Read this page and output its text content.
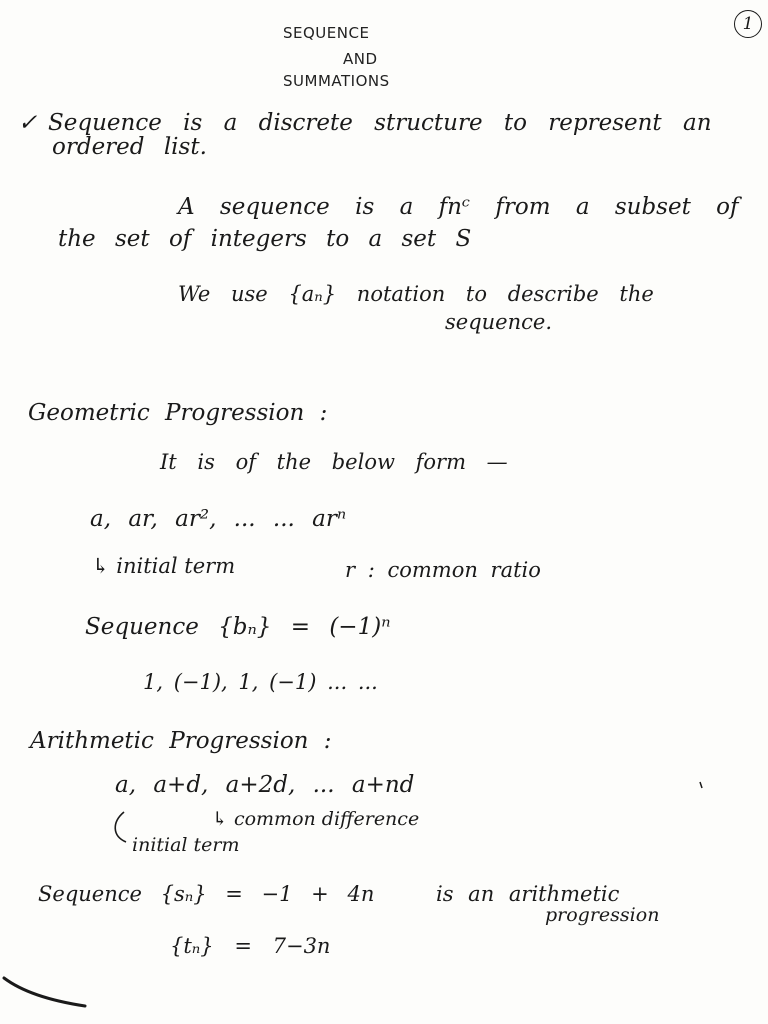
1
SEQUENCE
AND
SUMMATIONS
✓ Sequence is a discrete structure to represent an
ordered list.
A sequence is a fnᶜ from a subset of
the set of integers to a set S
We use {aₙ} notation to describe the
sequence.
Geometric Progression :
It is of the below form —
a, ar, ar², ... ... arⁿ
↳ initial term	r : common ratio
Sequence {bₙ} = (−1)ⁿ
1, (−1), 1, (−1) ... ...
Arithmetic Progression :
a, a+d, a+2d, ... a+nd
↳ common difference
initial term
Sequence {sₙ} = −1 + 4n	is an arithmetic
progression
{tₙ} = 7−3n
